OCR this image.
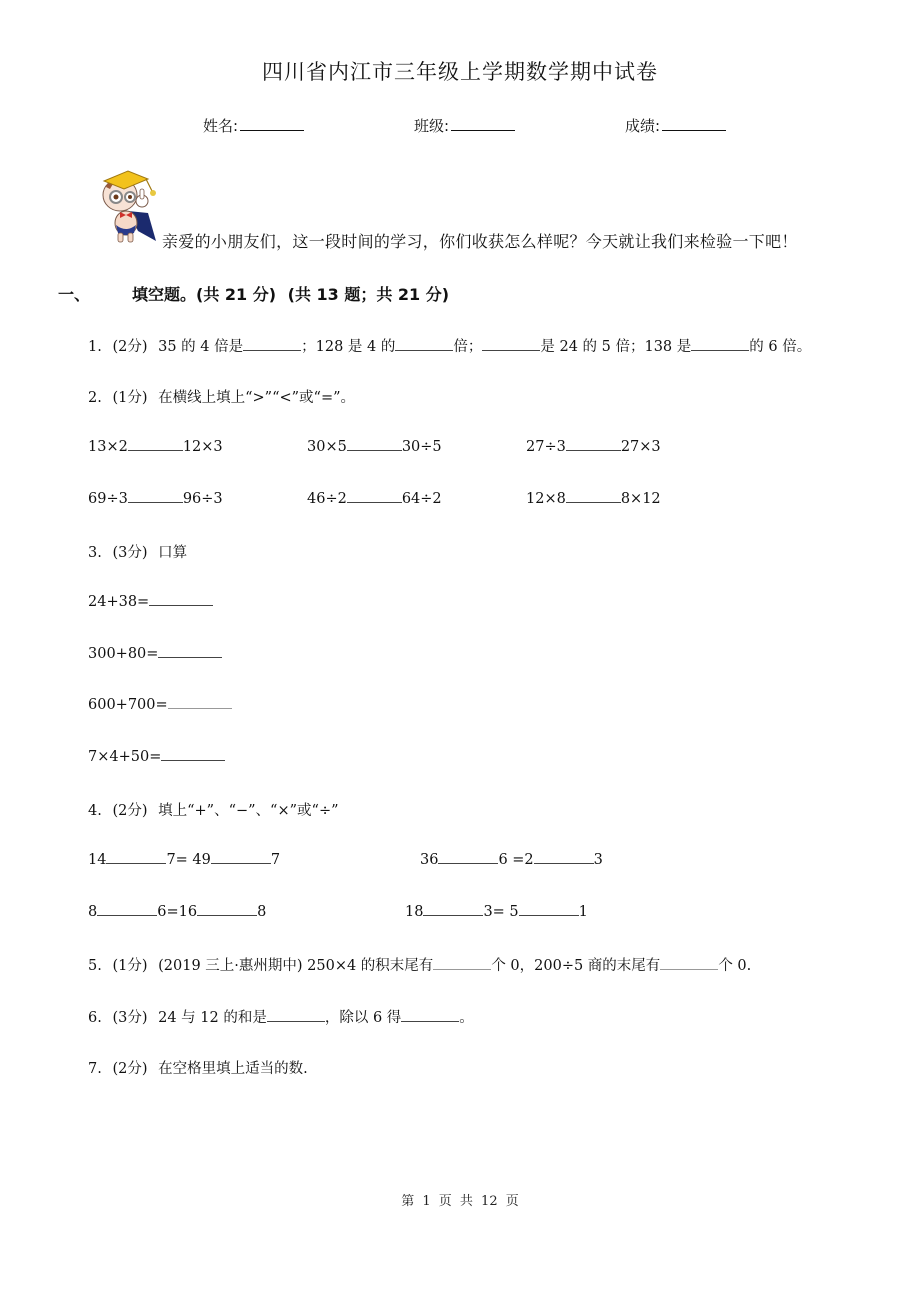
四川省内江市三年级上学期数学期中试卷
姓名:	班级:	成绩:
亲爱的小朋友们，这一段时间的学习，你们收获怎么样呢？今天就让我们来检验一下吧！
一、	填空题。(共 21 分) (共 13 题；共 21 分)
1. (2分) 35 的 4 倍是	；128 是 4 的	倍；	是 24 的 5 倍；138 是	的 6 倍。
2. (1分) 在横线上填上“>”“<”或“=”。
13×2	12×3	30×5	30÷5	27÷3	27×3
69÷3	96÷3	46÷2	64÷2	12×8	8×12
3. (3分) 口算
24+38=
300+80=
600+700=
7×4+50=
4. (2分) 填上“+”、“−”、“×”或“÷”
14	7= 49	7	36	6 =2	3
8	6=16	8	18	3= 5	1
5. (1分) (2019 三上·惠州期中) 250×4 的积末尾有	个 0，200÷5 商的末尾有	个 0.
6. (3分) 24 与 12 的和是	，除以 6 得	。
7. (2分) 在空格里填上适当的数.
第 1 页 共 12 页
